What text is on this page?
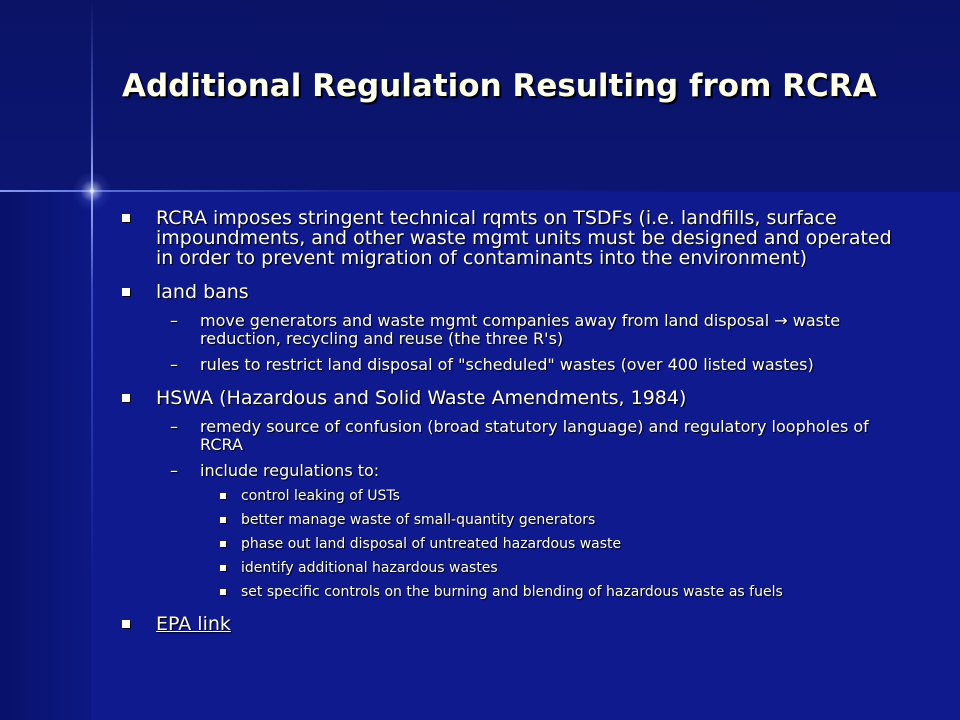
Additional Regulation Resulting from RCRA
RCRA imposes stringent technical rqmts on TSDFs (i.e. landfills, surface impoundments, and other waste mgmt units must be designed and operated in order to prevent migration of contaminants into the environment)
land bans
– move generators and waste mgmt companies away from land disposal → waste reduction, recycling and reuse (the three R's)
– rules to restrict land disposal of "scheduled" wastes (over 400 listed wastes)
HSWA (Hazardous and Solid Waste Amendments, 1984)
– remedy source of confusion (broad statutory language) and regulatory loopholes of RCRA
– include regulations to:
control leaking of USTs
better manage waste of small-quantity generators
phase out land disposal of untreated hazardous waste
identify additional hazardous wastes
set specific controls on the burning and blending of hazardous waste as fuels
EPA link
